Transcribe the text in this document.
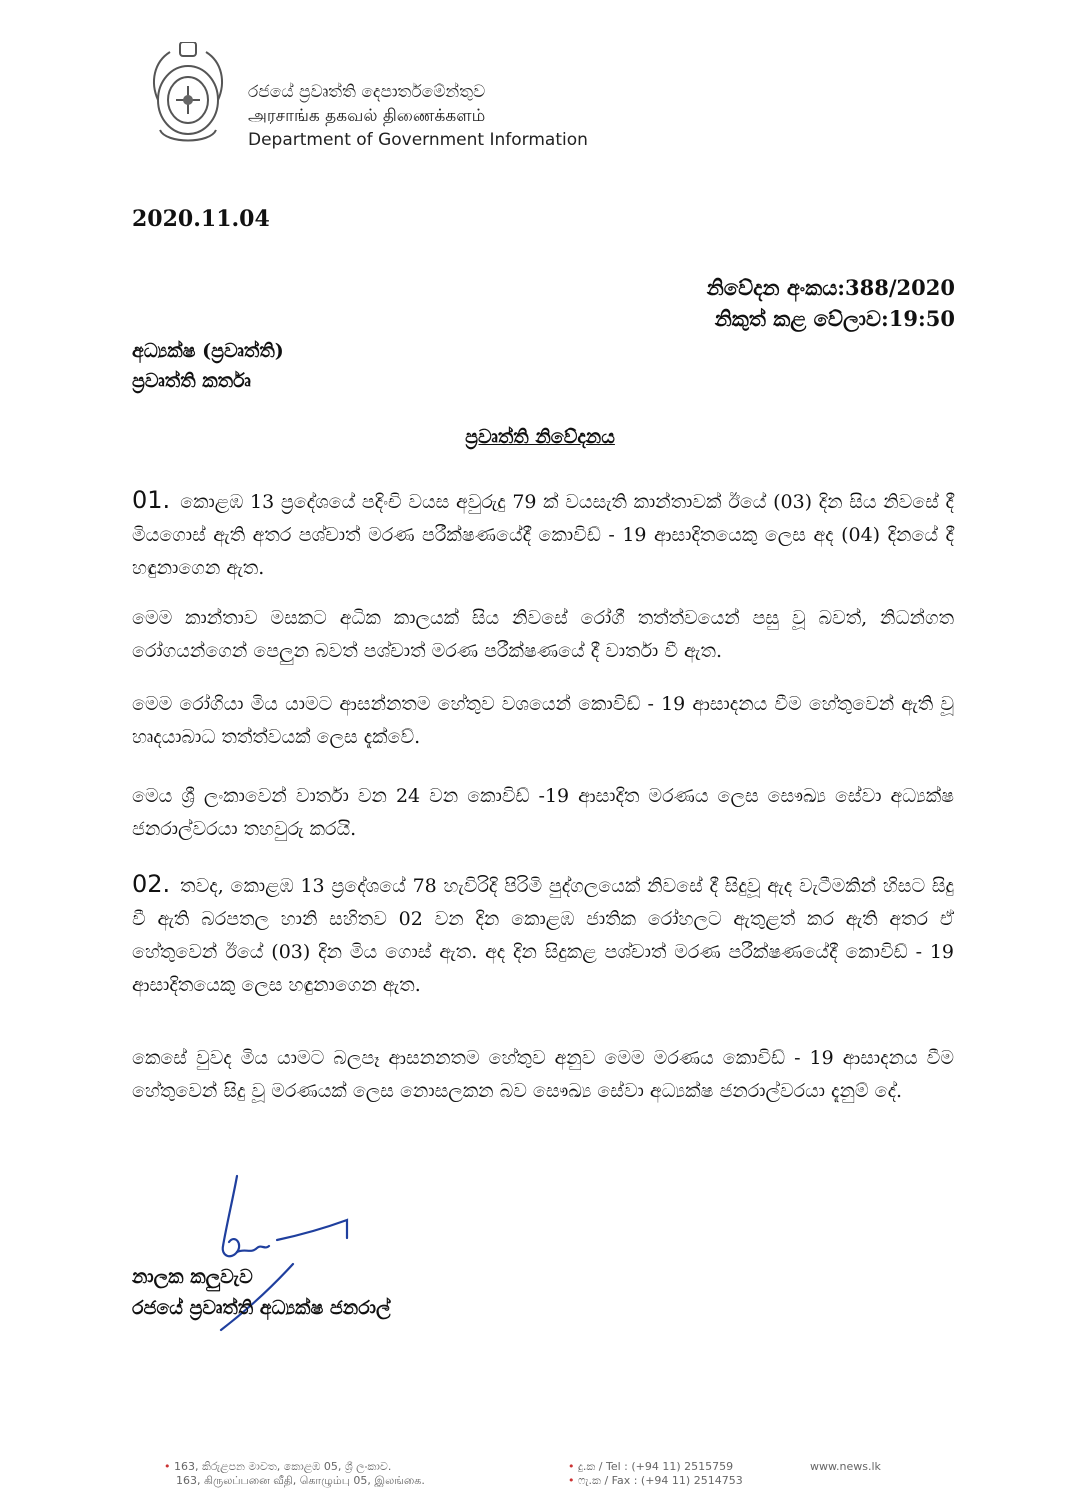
රජයේ ප්‍රවෘත්ති දෙපාර්තමේන්තුව
அரசாங்க தகவல் திணைக்களம்
Department of Government Information
2020.11.04
නිවේදන අංකය:388/2020
නිකුත් කළ වේලාව:19:50
අධ්‍යක්ෂ (ප්‍රවෘත්ති)
ප්‍රවෘත්ති කර්තෘ
ප්‍රවෘත්ති නිවේදනය
01. කොළඹ 13 ප්‍රදේශයේ පදිංචි වයස අවුරුදු 79 ක් වයසැති කාන්තාවක් ඊයේ (03) දින සිය නිවසේ දී මියගොස් ඇති අතර පශ්චාත් මරණ පරීක්ෂණයේදී කොවිඩ් - 19 ආසාදිතයෙකු ලෙස අද (04) දිනයේ දී හඳුනාගෙන ඇත.
මෙම කාන්තාව මසකට අධික කාලයක් සිය නිවසේ රෝගී තත්ත්වයෙන් පසු වූ බවත්, නිධන්ගත රෝගයන්ගෙන් පෙලුන බවත් පශ්චාත් මරණ පරීක්ෂණයේ දී වාර්තා වී ඇත.
මෙම රෝගියා මිය යාමට ආසන්නතම හේතුව වශයෙන් කොවිඩ් - 19 ආසාදනය වීම හේතුවෙන් ඇති වූ හෘදයාබාධ තත්ත්වයක් ලෙස දැක්වේ.
මෙය ශ්‍රී ලංකාවෙන් වාර්තා වන 24 වන කොවිඩ් -19 ආසාදිත මරණය ලෙස සෞඛ්‍ය සේවා අධ්‍යක්ෂ ජනරාල්වරයා තහවුරු කරයි.
02. තවද, කොළඹ 13 ප්‍රදේශයේ 78 හැවිරිදි පිරිමි පුද්ගලයෙක් නිවසේ දී සිදුවූ ඇද වැටීමකින් හිසට සිදු වී ඇති බරපතල හානි සහිතව 02 වන දින කොළඹ ජාතික රෝහලට ඇතුළත් කර ඇති අතර ඒ හේතුවෙන් ඊයේ (03) දින මිය ගොස් ඇත. අද දින සිදුකළ පශ්චාත් මරණ පරීක්ෂණයේදී කොවිඩ් - 19 ආසාදිතයෙකු ලෙස හඳුනාගෙන ඇත.
කෙසේ වුවද මිය යාමට බලපෑ ආසනනතම හේතුව අනුව මෙම මරණය කොවිඩ් - 19 ආසාදනය වීම හේතුවෙන් සිදු වූ මරණයක් ලෙස නොසලකන බව සෞඛ්‍ය සේවා අධ්‍යක්ෂ ජනරාල්වරයා දැනුම් දේ.
නාලක කලුවැව
රජයේ ප්‍රවෘත්ති අධ්‍යක්ෂ ජනරාල්
• 163, කිරුළපන මාවත, කොළඹ 05, ශ්‍රී ලංකාව.
163, கிருலப்பனை வீதி, கொழும்பு 05, இலங்கை.
• දු.ක / Tel : (+94 11) 2515759
• ෆැ.ක / Fax : (+94 11) 2514753
www.news.lk
